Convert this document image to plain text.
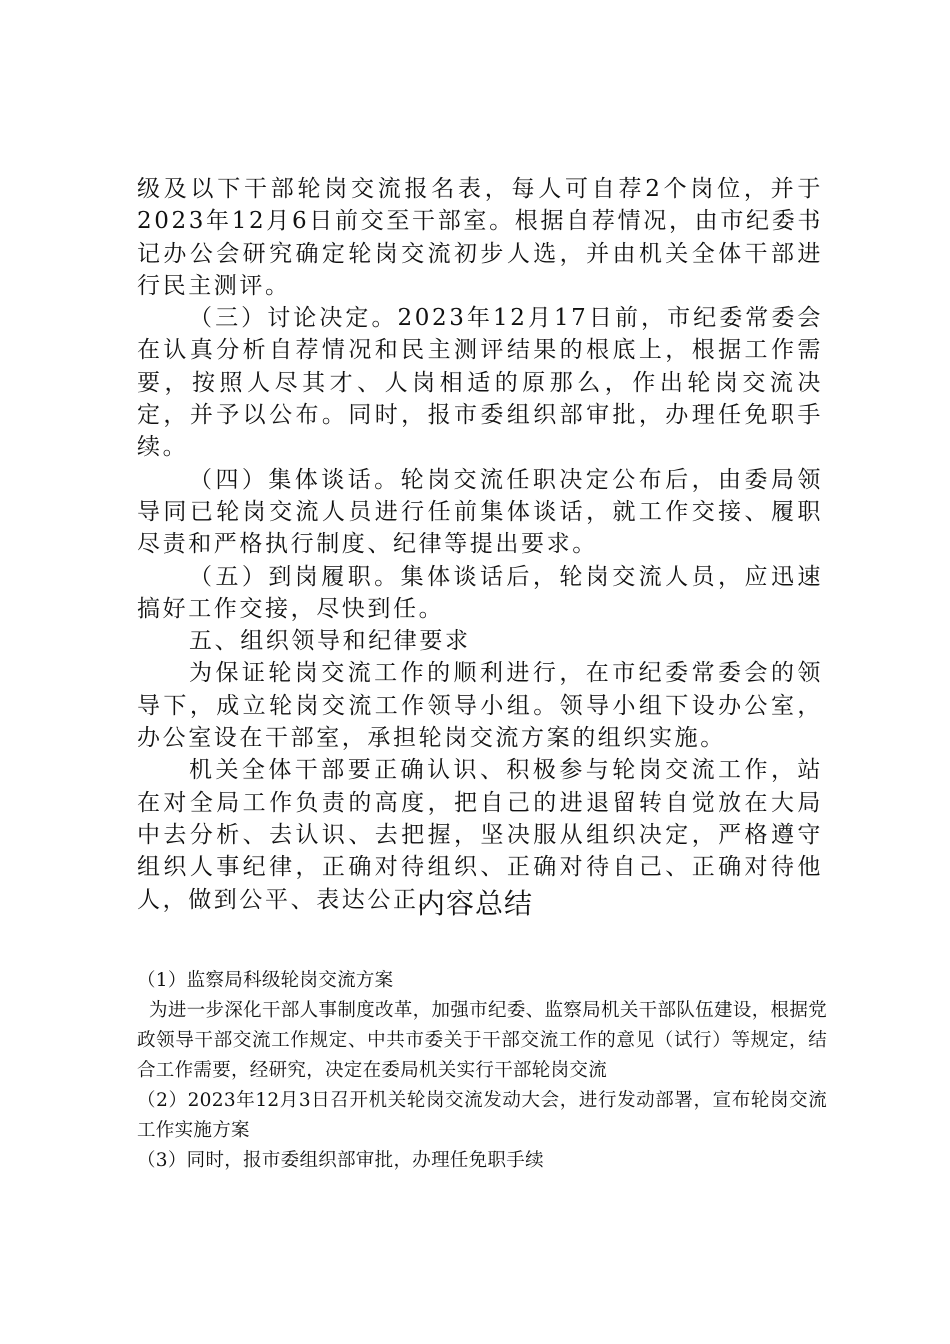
级及以下干部轮岗交流报名表，每人可自荐2个岗位，并于2023年12月6日前交至干部室。根据自荐情况，由市纪委书记办公会研究确定轮岗交流初步人选，并由机关全体干部进行民主测评。

（三）讨论决定。2023年12月17日前，市纪委常委会在认真分析自荐情况和民主测评结果的根底上，根据工作需要，按照人尽其才、人岗相适的原那么，作出轮岗交流决定，并予以公布。同时，报市委组织部审批，办理任免职手续。

（四）集体谈话。轮岗交流任职决定公布后，由委局领导同已轮岗交流人员进行任前集体谈话，就工作交接、履职尽责和严格执行制度、纪律等提出要求。

（五）到岗履职。集体谈话后，轮岗交流人员，应迅速搞好工作交接，尽快到任。

五、组织领导和纪律要求

为保证轮岗交流工作的顺利进行，在市纪委常委会的领导下，成立轮岗交流工作领导小组。领导小组下设办公室，办公室设在干部室，承担轮岗交流方案的组织实施。

机关全体干部要正确认识、积极参与轮岗交流工作，站在对全局工作负责的高度，把自己的进退留转自觉放在大局中去分析、去认识、去把握，坚决服从组织决定，严格遵守组织人事纪律，正确对待组织、正确对待自己、正确对待他人，做到公平、表达公正。

内容总结

（1）监察局科级轮岗交流方案

为进一步深化干部人事制度改革，加强市纪委、监察局机关干部队伍建设，根据党政领导干部交流工作规定、中共市委关于干部交流工作的意见（试行）等规定，结合工作需要，经研究，决定在委局机关实行干部轮岗交流

（2）2023年12月3日召开机关轮岗交流发动大会，进行发动部署，宣布轮岗交流工作实施方案

（3）同时，报市委组织部审批，办理任免职手续
